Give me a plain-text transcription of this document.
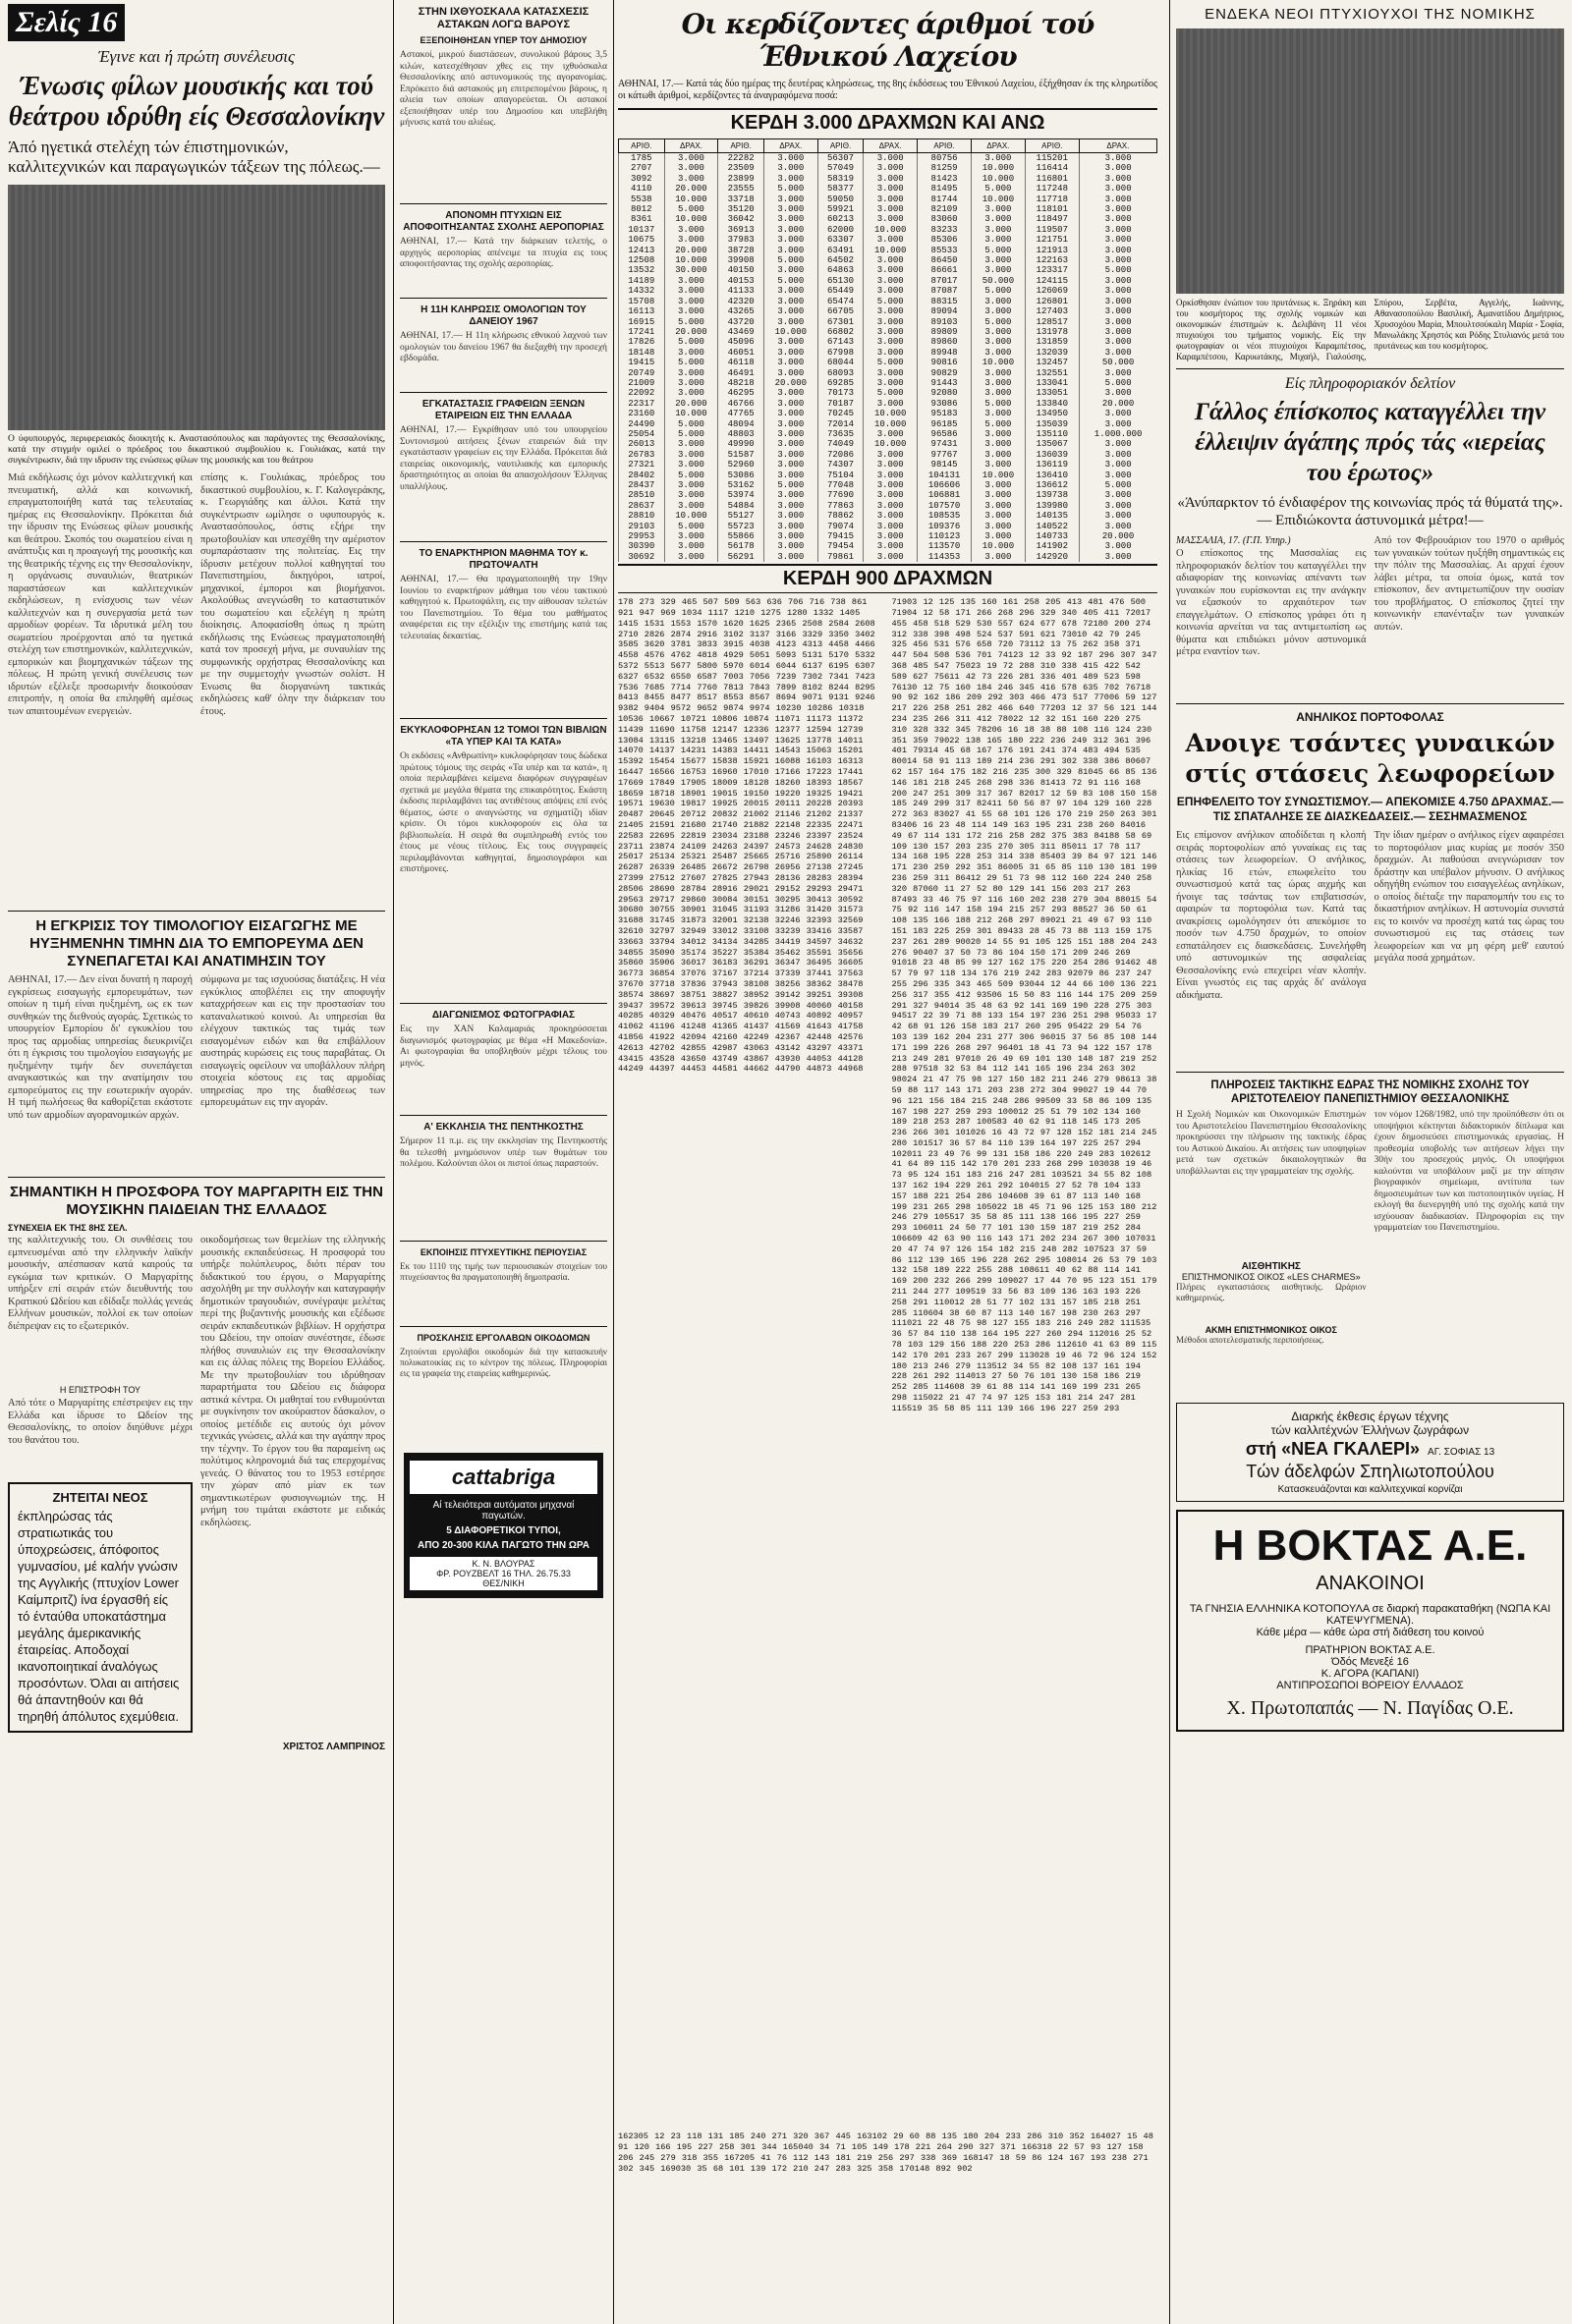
Σελίς 16
Έγινε και ή πρώτη συνέλευσις
Ένωσις φίλων μουσικής και τού θεάτρου ιδρύθη είς Θεσσαλονίκην
Άπό ηγετικά στελέχη τών έπιστημονικών, καλλιτεχνικών και παραγωγικών τάξεων της πόλεως.—
Ο ύφυπουργός, περιφερειακός διοικητής κ. Αναστασόπουλος και παράγοντες της Θεσσαλονίκης, κατά την στιγμήν ομιλεί ο πρόεδρος του δικαστικού συμβουλίου κ. Γουλιάκας, κατά την συγκέντρωσιν, διά την ιδρυσιν της ενώσεως φίλων της μουσικής και του θεάτρου
Μιά εκδήλωσις όχι μόνον καλλιτεχνική και πνευματική, αλλά και κοινωνική, επραγματοποιήθη κατά τας τελευταίας ημέρας εις Θεσσαλονίκην. Πρόκειται διά την ίδρυσιν της Ενώσεως φίλων μουσικής και θεάτρου. Σκοπός του σωματείου είναι η ανάπτυξις και η προαγωγή της μουσικής και της θεατρικής τέχνης εις την Θεσσαλονίκην, η οργάνωσις συναυλιών, θεατρικών παραστάσεων και καλλιτεχνικών εκδηλώσεων, η ενίσχυσις των νέων καλλιτεχνών και η συνεργασία μετά των αρμοδίων φορέων. Τα ιδρυτικά μέλη του σωματείου προέρχονται από τα ηγετικά στελέχη των επιστημονικών, καλλιτεχνικών, εμπορικών και βιομηχανικών τάξεων της πόλεως. Η πρώτη γενική συνέλευσις των ιδρυτών εξέλεξε προσωρινήν διοικούσαν επιτροπήν, η οποία θα επιληφθή αμέσως των απαιτουμένων ενεργειών.
επίσης κ. Γουλιάκας, πρόεδρος του δικαστικού συμβουλίου, κ. Γ. Καλογεράκης, κ. Γεωργιάδης και άλλοι. Κατά την συγκέντρωσιν ωμίλησε ο υφυπουργός κ. Αναστασόπουλος, όστις εξήρε την πρωτοβουλίαν και υπεσχέθη την αμέριστον συμπαράστασιν της πολιτείας. Εις την ίδρυσιν μετέχουν πολλοί καθηγηταί του Πανεπιστημίου, δικηγόροι, ιατροί, μηχανικοί, έμποροι και βιομήχανοι. Ακολούθως ανεγνώσθη το καταστατικόν του σωματείου και εξελέγη η πρώτη διοίκησις. Αποφασίσθη όπως η πρώτη εκδήλωσις της Ενώσεως πραγματοποιηθή κατά τον προσεχή μήνα, με συναυλίαν της συμφωνικής ορχήστρας Θεσσαλονίκης και με την συμμετοχήν γνωστών σολίστ. Η Ένωσις θα διοργανώνη τακτικάς εκδηλώσεις καθ' όλην την διάρκειαν του έτους.
Η ΕΓΚΡΙΣΙΣ ΤΟΥ ΤΙΜΟΛΟΓΙΟΥ ΕΙΣΑΓΩΓΗΣ ΜΕ ΗΥΞΗΜΕΝΗΝ ΤΙΜΗΝ ΔΙΑ ΤΟ ΕΜΠΟΡΕΥΜΑ ΔΕΝ ΣΥΝΕΠΑΓΕΤΑΙ ΚΑΙ ΑΝΑΤΙΜΗΣΙΝ ΤΟΥ
ΑΘΗΝΑΙ, 17.— Δεν είναι δυνατή η παροχή εγκρίσεως εισαγωγής εμπορευμάτων, των οποίων η τιμή είναι ηυξημένη, ως εκ των συνθηκών της διεθνούς αγοράς. Σχετικώς το υπουργείον Εμπορίου δι' εγκυκλίου του προς τας αρμοδίας υπηρεσίας διευκρινίζει ότι η έγκρισις του τιμολογίου εισαγωγής με ηυξημένην τιμήν δεν συνεπάγεται αναγκαστικώς και την ανατίμησιν του εμπορεύματος εις την εσωτερικήν αγοράν. Η τιμή πωλήσεως θα καθορίζεται εκάστοτε υπό των αρμοδίων αγορανομικών αρχών.
σύμφωνα με τας ισχυούσας διατάξεις. Η νέα εγκύκλιος αποβλέπει εις την αποφυγήν καταχρήσεων και εις την προστασίαν του καταναλωτικού κοινού. Αι υπηρεσίαι θα ελέγχουν τακτικώς τας τιμάς των εισαγομένων ειδών και θα επιβάλλουν αυστηράς κυρώσεις εις τους παραβάτας. Οι εισαγωγείς οφείλουν να υποβάλλουν πλήρη στοιχεία κόστους εις τας αρμοδίας υπηρεσίας προ της διαθέσεως των εμπορευμάτων εις την αγοράν.
ΣΗΜΑΝΤΙΚΗ Η ΠΡΟΣΦΟΡΑ ΤΟΥ ΜΑΡΓΑΡΙΤΗ ΕΙΣ ΤΗΝ ΜΟΥΣΙΚΗΝ ΠΑΙΔΕΙΑΝ ΤΗΣ ΕΛΛΑΔΟΣ
ΣΥΝΕΧΕΙΑ ΕΚ ΤΗΣ 8ΗΣ ΣΕΛ.
της καλλιτεχνικής του. Οι συνθέσεις του εμπνευσμέναι από την ελληνικήν λαϊκήν μουσικήν, απέσπασαν κατά καιρούς τα εγκώμια των κριτικών. Ο Μαργαρίτης υπήρξεν επί σειράν ετών διευθυντής του Κρατικού Ωδείου και εδίδαξε πολλάς γενεάς Ελλήνων μουσικών, πολλοί εκ των οποίων διέπρεψαν εις το εξωτερικόν.
Η ΕΠΙΣΤΡΟΦΗ ΤΟΥ
Από τότε ο Μαργαρίτης επέστρεψεν εις την Ελλάδα και ίδρυσε το Ωδείον της Θεσσαλονίκης, το οποίον διηύθυνε μέχρι του θανάτου του.
ΖΗΤΕΙΤΑΙ ΝΕΟΣ
έκπληρώσας τάς στρατιωτικάς του ύποχρεώσεις, άπόφοιτος γυμνασίου, μέ καλήν γνώσιν της Αγγλικής (πτυχίον Lower Καίμπριτζ) ίνα έργασθή είς τό ένταύθα υποκατάστημα μεγάλης άμερικανικής έταιρείας. Αποδοχαί ικανοποιητικαί άναλόγως προσόντων. Όλαι αι αιτήσεις θά άπαντηθούν και θά τηρηθή άπόλυτος εχεμύθεια.
οικοδομήσεως των θεμελίων της ελληνικής μουσικής εκπαιδεύσεως. Η προσφορά του υπήρξε πολύπλευρος, διότι πέραν του διδακτικού του έργου, ο Μαργαρίτης ασχολήθη με την συλλογήν και καταγραφήν δημοτικών τραγουδιών, συνέγραψε μελέτας περί της βυζαντινής μουσικής και εξέδωσε σειράν εκπαιδευτικών βιβλίων. Η ορχήστρα του Ωδείου, την οποίαν συνέστησε, έδωσε πλήθος συναυλιών εις την Θεσσαλονίκην και εις άλλας πόλεις της Βορείου Ελλάδος. Με την πρωτοβουλίαν του ιδρύθησαν παραρτήματα του Ωδείου εις διάφορα αστικά κέντρα. Οι μαθηταί του ενθυμούνται με συγκίνησιν τον ακούραστον δάσκαλον, ο οποίος μετέδιδε εις αυτούς όχι μόνον τεχνικάς γνώσεις, αλλά και την αγάπην προς την τέχνην. Το έργον του θα παραμείνη ως πολύτιμος κληρονομιά διά τας επερχομένας γενεάς. Ο θάνατος του το 1953 εστέρησε την χώραν από μίαν εκ των σημαντικωτέρων φυσιογνωμιών της. Η μνήμη του τιμάται εκάστοτε με ειδικάς εκδηλώσεις.
ΧΡΙΣΤΟΣ ΛΑΜΠΡΙΝΟΣ
ΣΤΗΝ ΙΧΘΥΟΣΚΑΛΑ ΚΑΤΑΣΧΕΣΙΣ ΑΣΤΑΚΩΝ ΛΟΓΩ ΒΑΡΟΥΣ
ΕΞΕΠΟΙΗΘΗΣΑΝ ΥΠΕΡ ΤΟΥ ΔΗΜΟΣΙΟΥ
Αστακοί, μικρού διαστάσεων, συνολικού βάρους 3,5 κιλών, κατεσχέθησαν χθες εις την ιχθυόσκαλα Θεσσαλονίκης από αστυνομικούς της αγορανομίας. Επρόκειτο διά αστακούς μη επιτρεπομένου βάρους, η αλιεία των οποίων απαγορεύεται. Οι αστακοί εξεποιήθησαν υπέρ του Δημοσίου και υπεβλήθη μήνυσις κατά του αλιέως.
ΑΠΟΝΟΜΗ ΠΤΥΧΙΩΝ ΕΙΣ ΑΠΟΦΟΙΤΗΣΑΝΤΑΣ ΣΧΟΛΗΣ ΑΕΡΟΠΟΡΙΑΣ
ΑΘΗΝΑΙ, 17.— Κατά την διάρκειαν τελετής, ο αρχηγός αεροπορίας απένειμε τα πτυχία εις τους αποφοιτήσαντας της σχολής αεροπορίας.
Η 11Η ΚΛΗΡΩΣΙΣ ΟΜΟΛΟΓΙΩΝ ΤΟΥ ΔΑΝΕΙΟΥ 1967
ΑΘΗΝΑΙ, 17.— Η 11η κλήρωσις εθνικού λαχνού των ομολογιών του δανείου 1967 θα διεξαχθή την προσεχή εβδομάδα.
ΕΓΚΑΤΑΣΤΑΣΙΣ ΓΡΑΦΕΙΩΝ ΞΕΝΩΝ ΕΤΑΙΡΕΙΩΝ ΕΙΣ ΤΗΝ ΕΛΛΑΔΑ
ΑΘΗΝΑΙ, 17.— Εγκρίθησαν υπό του υπουργείου Συντονισμού αιτήσεις ξένων εταιρειών διά την εγκατάστασιν γραφείων εις την Ελλάδα. Πρόκειται διά εταιρείας οικονομικής, ναυτιλιακής και εμπορικής δραστηριότητος αι οποίαι θα απασχολήσουν Έλληνας υπαλλήλους.
ΤΟ ΕΝΑΡΚΤΗΡΙΟΝ ΜΑΘΗΜΑ ΤΟΥ κ. ΠΡΩΤΟΨΑΛΤΗ
ΑΘΗΝΑΙ, 17.— Θα πραγματοποιηθή την 19ην Ιουνίου το εναρκτήριον μάθημα του νέου τακτικού καθηγητού κ. Πρωτοψάλτη, εις την αίθουσαν τελετών του Πανεπιστημίου. Το θέμα του μαθήματος αναφέρεται εις την εξέλιξιν της επιστήμης κατά τας τελευταίας δεκαετίας.
ΕΚΥΚΛΟΦΟΡΗΣΑΝ 12 ΤΟΜΟΙ ΤΩΝ ΒΙΒΛΙΩΝ «ΤΑ ΥΠΕΡ ΚΑΙ ΤΑ ΚΑΤΑ»
Οι εκδόσεις «Ανθρωπίνη» κυκλοφόρησαν τους δώδεκα πρώτους τόμους της σειράς «Τα υπέρ και τα κατά», η οποία περιλαμβάνει κείμενα διαφόρων συγγραφέων σχετικά με μεγάλα θέματα της επικαιρότητος. Εκάστη έκδοσις περιλαμβάνει τας αντιθέτους απόψεις επί ενός θέματος, ώστε ο αναγνώστης να σχηματίζη ιδίαν κρίσιν. Οι τόμοι κυκλοφορούν εις όλα τα βιβλιοπωλεία. Η σειρά θα συμπληρωθή εντός του έτους με νέους τίτλους. Εις τους συγγραφείς περιλαμβάνονται καθηγηταί, δημοσιογράφοι και επιστήμονες.
ΔΙΑΓΩΝΙΣΜΟΣ ΦΩΤΟΓΡΑΦΙΑΣ
Εις την ΧΑΝ Καλαμαριάς προκηρύσσεται διαγωνισμός φωτογραφίας με θέμα «Η Μακεδονία». Αι φωτογραφίαι θα υποβληθούν μέχρι τέλους του μηνός.
Α' ΕΚΚΛΗΣΙΑ ΤΗΣ ΠΕΝΤΗΚΟΣΤΗΣ
Σήμερον 11 π.μ. εις την εκκλησίαν της Πεντηκοστής θα τελεσθή μνημόσυνον υπέρ των θυμάτων του πολέμου. Καλούνται όλοι οι πιστοί όπως παραστούν.
ΕΚΠΟΙΗΣΙΣ ΠΤΥΧΕΥΤΙΚΗΣ ΠΕΡΙΟΥΣΙΑΣ
Εκ του 1110 της τιμής των περιουσιακών στοιχείων του πτυχεύσαντος θα πραγματοποιηθή δημοπρασία.
ΠΡΟΣΚΛΗΣΙΣ ΕΡΓΟΛΑΒΩΝ ΟΙΚΟΔΟΜΩΝ
Ζητούνται εργολάβοι οικοδομών διά την κατασκευήν πολυκατοικίας εις το κέντρον της πόλεως. Πληροφορίαι εις τα γραφεία της εταιρείας καθημερινώς.
cattabriga
Αί τελειότεραι αυτόματοι μηχαναί παγωτών.
5 ΔΙΑΦΟΡΕΤΙΚΟΙ ΤΥΠΟΙ,
ΑΠΟ 20-300 ΚΙΛΑ ΠΑΓΩΤΟ ΤΗΝ ΩΡΑ
Κ. Ν. ΒΛΟΥΡΑΣ
ΦΡ. ΡΟΥΖΒΕΛΤ 16 ΤΗΛ. 26.75.33
ΘΕΣ/ΝΙΚΗ
Οι κερδίζοντες άριθμοί τού Έθνικού Λαχείου
ΑΘΗΝΑΙ, 17.— Κατά τάς δύο ημέρας της δευτέρας κληρώσεως, της 8ης έκδόσεως του Έθνικού Λαχείου, έξήχθησαν έκ της κληρωτίδος οι κάτωθι άριθμοί, κερδίζοντες τά άναγραφόμενα ποσά:
ΚΕΡΔΗ 3.000 ΔΡΑΧΜΩΝ ΚΑΙ ΑΝΩ
ΑΡΙΘ.	ΔΡΑΧ.	ΑΡΙΘ.	ΔΡΑΧ.	ΑΡΙΘ.	ΔΡΑΧ.	ΑΡΙΘ.	ΔΡΑΧ.	ΑΡΙΘ.	ΔΡΑΧ.
1785	3.000	22282	3.000	56307	3.000	80756	3.000	115201	3.000
2707	3.000	23509	3.000	57049	3.000	81259	10.000	116414	3.000
3092	3.000	23899	3.000	58319	3.000	81423	10.000	116801	3.000
4110	20.000	23555	5.000	58377	3.000	81495	5.000	117248	3.000
5538	10.000	33718	3.000	59050	3.000	81744	10.000	117718	3.000
8012	5.000	35120	3.000	59921	3.000	82109	3.000	118101	3.000
8361	10.000	36042	3.000	60213	3.000	83060	3.000	118497	3.000
10137	3.000	36913	3.000	62000	10.000	83233	3.000	119507	3.000
10675	3.000	37983	3.000	63307	3.000	85306	3.000	121751	3.000
12413	20.000	38728	3.000	63491	10.000	85533	5.000	121913	3.000
12508	10.000	39908	5.000	64502	3.000	86450	3.000	122163	3.000
13532	30.000	40150	3.000	64863	3.000	86661	3.000	123317	5.000
14189	3.000	40153	5.000	65130	3.000	87017	50.000	124115	3.000
14332	3.000	41133	3.000	65449	3.000	87087	5.000	126069	3.000
15708	3.000	42320	3.000	65474	5.000	88315	3.000	126801	3.000
16113	3.000	43265	3.000	66705	3.000	89094	3.000	127403	3.000
16915	5.000	43720	3.000	67301	3.000	89103	5.000	128517	3.000
17241	20.000	43469	10.000	66802	3.000	89809	3.000	131978	3.000
17826	5.000	45096	3.000	67143	3.000	89860	3.000	131859	3.000
18148	3.000	46051	3.000	67998	3.000	89948	3.000	132039	3.000
19415	5.000	46118	3.000	68044	5.000	90816	10.000	132457	50.000
20749	3.000	46491	3.000	68093	3.000	90829	3.000	132551	3.000
21009	3.000	48218	20.000	69285	3.000	91443	3.000	133041	5.000
22092	3.000	46295	3.000	70173	5.000	92080	3.000	133051	3.000
22317	20.000	46766	3.000	70187	3.000	93086	5.000	133840	20.000
23160	10.000	47765	3.000	70245	10.000	95183	3.000	134950	3.000
24490	5.000	48094	3.000	72014	10.000	96185	5.000	135039	3.000
25054	5.000	48803	3.000	73635	3.000	96586	3.000	135110	1.000.000
26013	3.000	49990	3.000	74049	10.000	97431	3.000	135067	3.000
26783	3.000	51587	3.000	72086	3.000	97767	3.000	136039	3.000
27321	3.000	52960	3.000	74307	3.000	98145	3.000	136119	3.000
28402	5.000	53086	3.000	75104	3.000	104131	10.000	136410	3.000
28437	3.000	53162	5.000	77048	3.000	106606	3.000	136612	5.000
28510	3.000	53974	3.000	77690	3.000	106881	3.000	139738	3.000
28637	3.000	54884	3.000	77863	3.000	107570	3.000	139980	3.000
28810	10.000	55127	3.000	78862	3.000	108535	3.000	140135	3.000
29103	5.000	55723	3.000	79074	3.000	109376	3.000	140522	3.000
29953	3.000	55866	3.000	79415	3.000	110123	3.000	140733	20.000
30390	3.000	56178	3.000	79454	3.000	113570	10.000	141902	3.000
30692	3.000	56291	3.000	79861	3.000	114353	3.000	142920	3.000
ΚΕΡΔΗ 900 ΔΡΑΧΜΩΝ
178 273 329 465 507 509 563 636 706 716 738 861 921 947 969 1034 1117 1210 1275 1280 1332 1405 1415 1531 1553 1570 1620 1625 2365 2508 2584 2608 2710 2826 2874 2916 3102 3137 3166 3329 3350 3402 3585 3620 3781 3833 3915 4038 4123 4313 4458 4466 4558 4576 4762 4818 4929 5051 5093 5131 5170 5332 5372 5513 5677 5800 5970 6014 6044 6137 6195 6307 6327 6532 6550 6587 7003 7056 7239 7302 7341 7423 7536 7685 7714 7760 7813 7843 7899 8102 8244 8295 8413 8455 8477 8517 8553 8567 8694 9071 9131 9246 9382 9404 9572 9652 9874 9974 10230 10286 10318 10536 10667 10721 10806 10874 11071 11173 11372 11439 11690 11758 12147 12336 12377 12594 12739 13084 13115 13218 13465 13497 13625 13778 14011 14070 14137 14231 14383 14411 14543 15063 15201 15392 15454 15677 15838 15921 16088 16103 16313 16447 16566 16753 16960 17010 17166 17223 17441 17669 17849 17905 18009 18128 18260 18393 18567 18659 18718 18901 19015 19150 19220 19325 19421 19571 19630 19817 19925 20015 20111 20228 20393 20487 20645 20712 20832 21002 21146 21202 21337 21405 21591 21680 21740 21882 22148 22335 22471 22583 22695 22819 23034 23188 23246 23397 23524 23711 23874 24109 24263 24397 24573 24628 24830 25017 25134 25321 25487 25665 25716 25890 26114 26287 26339 26485 26672 26798 26956 27138 27245 27399 27512 27607 27825 27943 28136 28283 28394 28506 28690 28784 28916 29021 29152 29293 29471 29563 29717 29860 30084 30151 30295 30413 30592 30680 30755 30901 31045 31193 31286 31420 31573 31688 31745 31873 32001 32138 32246 32393 32569 32610 32797 32949 33012 33108 33239 33416 33587 33663 33794 34012 34134 34285 34419 34597 34632 34855 35090 35174 35227 35384 35462 35591 35656 35860 35906 36017 36183 36291 36347 36495 36605 36773 36854 37076 37167 37214 37339 37441 37563 37670 37718 37836 37943 38108 38256 38362 38478 38574 38697 38751 38827 38952 39142 39251 39308 39437 39572 39613 39745 39826 39908 40060 40158 40285 40329 40476 40517 40610 40743 40892 40957 41062 41196 41248 41365 41437 41569 41643 41758 41856 41922 42094 42160 42249 42367 42448 42576 42613 42702 42855 42987 43063 43142 43297 43371 43415 43528 43650 43749 43867 43930 44053 44128 44249 44397 44453 44581 44662 44790 44873 44968
71903 12 125 135 160 161 258 205 413 481 476 500 71904 12 58 171 266 268 296 329 340 405 411 72017 455 458 518 529 530 557 624 677 678 72180 200 274 312 338 398 498 524 537 591 621 73010 42 79 245 325 456 531 576 658 720 73112 13 75 262 358 371 447 504 508 536 701 74123 12 33 92 187 296 307 347 368 485 547 75023 19 72 288 310 338 415 422 542 589 627 75611 42 73 226 281 336 401 489 523 598 76130 12 75 160 184 246 345 416 578 635 702 76718 90 92 162 186 209 292 303 466 473 517 77006 59 127 217 226 258 251 282 466 640 77203 12 37 56 121 144 234 235 266 311 412 78022 12 32 151 160 220 275 310 328 332 345 78206 16 18 38 88 108 116 124 230 351 359 79022 138 165 180 222 236 249 312 361 396 401 79314 45 68 167 176 191 241 374 483 494 535 80014 58 91 113 189 214 236 291 302 338 386 80607 62 157 164 175 182 216 235 300 329 81045 66 85 136 146 181 218 245 268 298 336 81413 72 91 116 168 200 247 251 309 317 367 82017 12 59 83 108 150 158 185 249 299 317 82411 50 56 87 97 104 129 160 228 272 363 83027 41 55 68 101 126 170 219 250 263 301 83406 16 23 48 114 149 163 195 231 238 260 84016 49 67 114 131 172 216 258 282 375 383 84188 58 69 109 130 157 203 235 270 305 311 85011 17 78 117 134 168 195 228 253 314 338 85403 39 84 97 121 146 171 230 259 292 351 86005 31 65 85 110 130 181 199 236 259 311 86412 29 51 73 98 112 160 224 240 258 320 87060 11 27 52 80 129 141 156 203 217 263 87493 33 46 75 97 116 160 202 238 279 304 88015 54 75 92 116 147 158 194 215 257 293 88527 36 50 61 108 135 166 188 212 268 297 89021 21 49 67 93 110 151 183 225 259 301 89433 28 45 73 88 113 159 175 237 261 289 90020 14 55 91 105 125 151 188 204 243 276 90407 37 50 73 86 104 150 171 209 246 269 91018 23 48 85 99 127 162 175 220 254 286 91462 48 57 79 97 118 134 176 219 242 283 92079 86 237 247 255 296 335 343 465 509 93044 12 44 66 100 136 221 256 317 355 412 93506 15 50 83 116 144 175 209 259 291 327 94014 35 48 63 92 141 169 190 228 275 303 94517 22 39 71 88 133 154 197 236 251 298 95033 17 42 68 91 126 158 183 217 260 295 95422 29 54 76 103 139 162 204 231 277 306 96015 37 56 85 108 144 171 199 226 268 297 96401 18 41 73 94 122 157 178 213 249 281 97010 26 49 69 101 130 148 187 219 252 288 97518 32 53 84 112 141 165 196 234 263 302 98024 21 47 75 98 127 150 182 211 246 279 98613 38 59 88 117 143 171 203 238 272 304 99027 19 44 70 96 121 156 184 215 248 286 99509 33 58 86 109 135 167 198 227 259 293 100012 25 51 79 102 134 160 189 218 253 287 100583 40 62 91 118 145 173 205 236 266 301 101026 16 43 72 97 128 152 181 214 245 280 101517 36 57 84 110 139 164 197 225 257 294 102011 23 49 76 99 131 158 186 220 249 283 102612 41 64 89 115 142 170 201 233 268 299 103038 19 46 73 95 124 151 183 216 247 281 103521 34 55 82 108 137 162 194 229 261 292 104015 27 52 78 104 133 157 188 221 254 286 104608 39 61 87 113 140 168 199 231 265 298 105022 18 45 71 96 125 153 180 212 246 279 105517 35 58 85 111 138 166 195 227 259 293 106011 24 50 77 101 130 159 187 219 252 284 106609 42 63 90 116 143 171 202 234 267 300 107031 20 47 74 97 126 154 182 215 248 282 107523 37 59 86 112 139 165 196 228 262 295 108014 26 53 79 103 132 158 189 222 255 288 108611 40 62 88 114 141 169 200 232 266 299 109027 17 44 70 95 123 151 179 211 244 277 109519 33 56 83 109 136 163 193 226 258 291 110012 28 51 77 102 131 157 185 218 251 285 110604 38 60 87 113 140 167 198 230 263 297 111021 22 48 75 98 127 155 183 216 249 282 111535 36 57 84 110 138 164 195 227 260 294 112016 25 52 78 103 129 156 188 220 253 286 112610 41 63 89 115 142 170 201 233 267 299 113028 19 46 72 96 124 152 180 213 246 279 113512 34 55 82 108 137 161 194 228 261 292 114013 27 50 76 101 130 158 186 219 252 285 114608 39 61 88 114 141 169 199 231 265 298 115022 21 47 74 97 125 153 181 214 247 281 115519 35 58 85 111 139 166 196 227 259 293
162305 12 23 118 131 185 240 271 320 367 445 163102 29 60 88 135 180 204 233 286 310 352 164027 15 48 91 120 166 195 227 258 301 344 165040 34 71 105 149 178 221 264 290 327 371 166318 22 57 93 127 158 206 245 279 318 355 167205 41 76 112 143 181 219 256 297 338 369 168147 18 59 86 124 167 193 238 271 302 345 169030 35 68 101 139 172 210 247 283 325 358 170148 892 902
ΕΝΔΕΚΑ ΝΕΟΙ ΠΤΥΧΙΟΥΧΟΙ ΤΗΣ ΝΟΜΙΚΗΣ
Ορκίσθησαν ένώπιον του πρυτάνεως κ. Ξηράκη και του κοσμήτορος της σχολής νομικών και οικονομικών έπιστημών κ. Δελιβάνη 11 νέοι πτυχιούχοι του τμήματος νομικής. Είς την φωτογραφίαν οι νέοι πτυχιούχοι Καραμπέτσος, Καραμπέτσου, Καρυωτάκης, Μιχαήλ, Γιαλούσης, Σπύρου, Σερβέτα, Αγγελής, Ιωάννης, Αθανασοπούλου Βασιλική, Αμανατίδου Δημήτριος, Χρυσοχόου Μαρία, Μπουλτσούκαλη Μαρία - Σοφία, Μανωλάκης Χρηστός και Ρόδης Στυλιανός μετά του πρυτάνεως και του κοσμήτορος.
Είς πληροφοριακόν δελτίον
Γάλλος έπίσκοπος καταγγέλλει την έλλειψιν άγάπης πρός τάς «ιερείας του έρωτος»
«Άνύπαρκτον τό ένδιαφέρον της κοινωνίας πρός τά θύματά της».— Επιδιώκοντα άστυνομικά μέτρα!—
ΜΑΣΣΑΛΙΑ, 17. (Γ.Π. Υπηρ.)
Ο επίσκοπος της Μασσαλίας εις πληροφοριακόν δελτίον του καταγγέλλει την αδιαφορίαν της κοινωνίας απέναντι των γυναικών που ευρίσκονται εις την ανάγκην να εξασκούν το αρχαιότερον των επαγγελμάτων. Ο επίσκοπος γράφει ότι η κοινωνία αρνείται να τας αντιμετωπίση ως θύματα και επιδιώκει μόνον αστυνομικά μέτρα εναντίον των.
Από τον Φεβρουάριον του 1970 ο αριθμός των γυναικών τούτων ηυξήθη σημαντικώς εις την πόλιν της Μασσαλίας. Αι αρχαί έχουν λάβει μέτρα, τα οποία όμως, κατά τον επίσκοπον, δεν αντιμετωπίζουν την ουσίαν του προβλήματος. Ο επίσκοπος ζητεί την κοινωνικήν επανένταξιν των γυναικών αυτών.
ΑΝΗΛΙΚΟΣ ΠΟΡΤΟΦΟΛΑΣ
Ανοιγε τσάντες γυναικών στίς στάσεις λεωφορείων
ΕΠΗΦΕΛΕΙΤΟ ΤΟΥ ΣΥΝΩΣΤΙΣΜΟΥ.— ΑΠΕΚΟΜΙΣΕ 4.750 ΔΡΑΧΜΑΣ.— ΤΙΣ ΣΠΑΤΑΛΗΣΕ ΣΕ ΔΙΑΣΚΕΔΑΣΕΙΣ.— ΣΕΣΗΜΑΣΜΕΝΟΣ
Εις επίμονον ανήλικον αποδίδεται η κλοπή σειράς πορτοφολίων από γυναίκας εις τας στάσεις των λεωφορείων. Ο ανήλικος, ηλικίας 16 ετών, επωφελείτο του συνωστισμού κατά τας ώρας αιχμής και ήνοιγε τας τσάντας των επιβατισσών, αφαιρών τα πορτοφόλια των. Κατά τας ανακρίσεις ωμολόγησεν ότι απεκόμισε το ποσόν των 4.750 δραχμών, το οποίον εσπατάλησεν εις διασκεδάσεις. Συνελήφθη υπό αστυνομικών της ασφαλείας Θεσσαλονίκης ενώ επεχείρει νέαν κλοπήν. Είναι γνωστός εις τας αρχάς δι' ανάλογα αδικήματα.
Την ίδιαν ημέραν ο ανήλικος είχεν αφαιρέσει το πορτοφόλιον μιας κυρίας με ποσόν 350 δραχμών. Αι παθούσαι ανεγνώρισαν τον δράστην και υπέβαλον μήνυσιν. Ο ανήλικος οδηγήθη ενώπιον του εισαγγελέως ανηλίκων, ο οποίος διέταξε την παραπομπήν του εις το δικαστήριον ανηλίκων. Η αστυνομία συνιστά εις το κοινόν να προσέχη κατά τας ώρας του συνωστισμού εις τας στάσεις των λεωφορείων και να μη φέρη μεθ' εαυτού μεγάλα ποσά χρημάτων.
ΠΛΗΡΟΣΕΙΣ ΤΑΚΤΙΚΗΣ ΕΔΡΑΣ ΤΗΣ ΝΟΜΙΚΗΣ ΣΧΟΛΗΣ ΤΟΥ ΑΡΙΣΤΟΤΕΛΕΙΟΥ ΠΑΝΕΠΙΣΤΗΜΙΟΥ ΘΕΣΣΑΛΟΝΙΚΗΣ
Η Σχολή Νομικών και Οικονομικών Επιστημών του Αριστοτελείου Πανεπιστημίου Θεσσαλονίκης προκηρύσσει την πλήρωσιν της τακτικής έδρας του Αστικού Δικαίου. Αι αιτήσεις των υποψηφίων μετά των σχετικών δικαιολογητικών θα υποβάλλωνται εις την γραμματείαν της σχολής.
ΑΙΣΘΗΤΙΚΗΣ
ΕΠΙΣΤΗΜΟΝΙΚΟΣ ΟΙΚΟΣ «LES CHARMES»
Πλήρεις εγκαταστάσεις αισθητικής. Ωράριον καθημερινώς.
ΑΚΜΗ ΕΠΙΣΤΗΜΟΝΙΚΟΣ ΟΙΚΟΣ
Μέθοδοι αποτελεσματικής περιποιήσεως.
τον νόμον 1268/1982, υπό την προϋπόθεσιν ότι οι υποψήφιοι κέκτηνται διδακτορικόν δίπλωμα και έχουν δημοσιεύσει επιστημονικάς εργασίας. Η προθεσμία υποβολής των αιτήσεων λήγει την 30ήν του προσεχούς μηνός. Οι υποψήφιοι καλούνται να υποβάλουν μαζί με την αίτησιν βιογραφικόν σημείωμα, αντίτυπα των δημοσιευμάτων των και πιστοποιητικόν υγείας. Η εκλογή θα διενεργηθή υπό της σχολής κατά την ισχύουσαν διαδικασίαν. Πληροφορίαι εις την γραμματείαν του Πανεπιστημίου.
Διαρκής έκθεσις έργων τέχνης
τών καλλιτέχνών Έλλήνων ζωγράφων
στή «ΝΕΑ ΓΚΑΛΕΡΙ» ΑΓ. ΣΟΦΙΑΣ 13
Τών άδελφών Σπηλιωτοπούλου
Κατασκευάζονται και καλλιτεχνικαί κορνίζαι
Η ΒΟΚΤΑΣ Α.Ε.
ΑΝΑΚΟΙΝΟΙ
ΤΑ ΓΝΗΣΙΑ ΕΛΛΗΝΙΚΑ ΚΟΤΟΠΟΥΛΑ σε διαρκή παρακαταθήκη (ΝΩΠΑ ΚΑΙ ΚΑΤΕΨΥΓΜΕΝΑ).
Κάθε μέρα — κάθε ώρα στή διάθεση του κοινού
ΠΡΑΤΗΡΙΟΝ ΒΟΚΤΑΣ Α.Ε.
Όδός Μενεξέ 16
Κ. ΑΓΟΡΑ (ΚΑΠΑΝΙ)
ΑΝΤΙΠΡΟΣΩΠΟΙ ΒΟΡΕΙΟΥ ΕΛΛΑΔΟΣ
Χ. Πρωτοπαπάς — Ν. Παγίδας Ο.Ε.
